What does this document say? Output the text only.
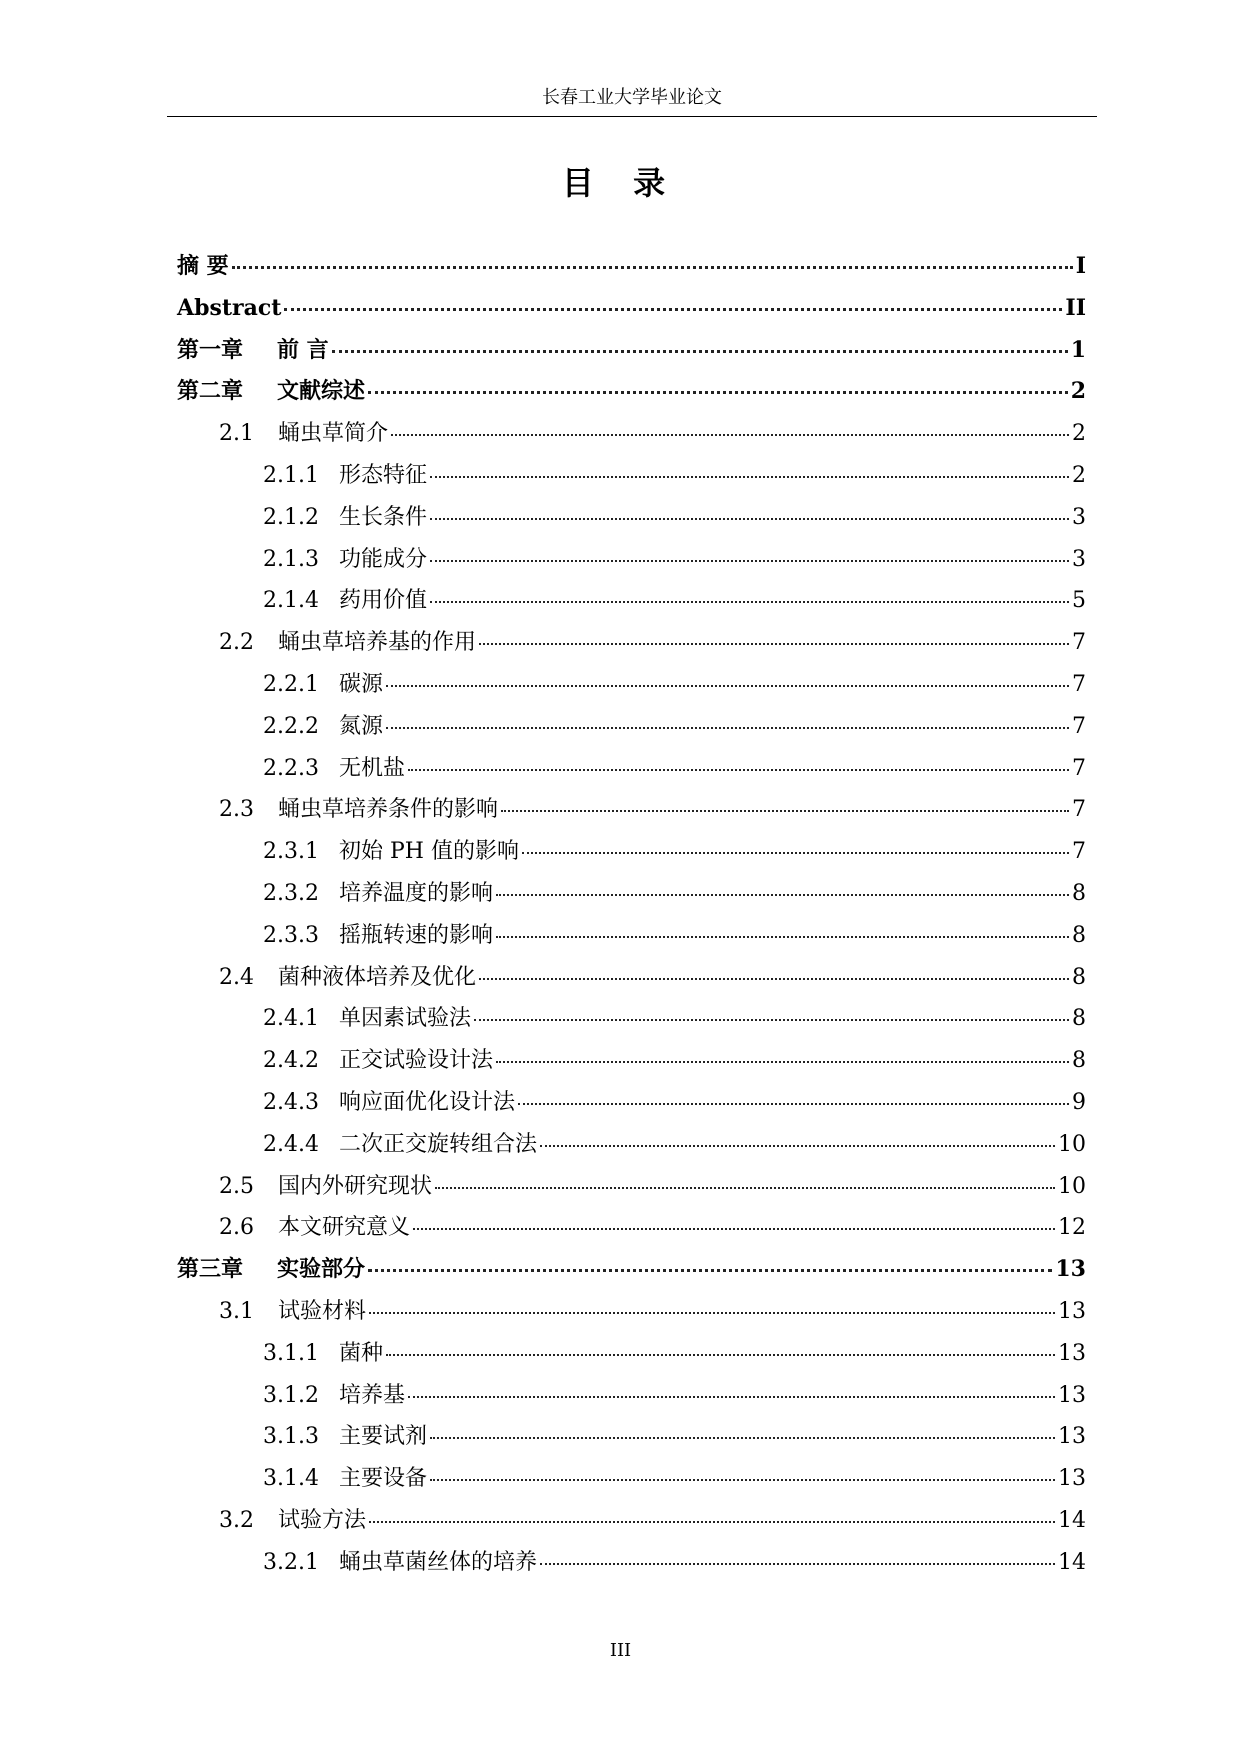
长春工业大学毕业论文
目 录
摘 要	I
Abstract	II
第一章	前 言	1
第二章	文献综述	2
2.1	蛹虫草简介	2
2.1.1 形态特征	2
2.1.2 生长条件	3
2.1.3 功能成分	3
2.1.4 药用价值	5
2.2	蛹虫草培养基的作用	7
2.2.1 碳源	7
2.2.2 氮源	7
2.2.3 无机盐	7
2.3	蛹虫草培养条件的影响	7
2.3.1 初始 PH 值的影响	7
2.3.2 培养温度的影响	8
2.3.3 摇瓶转速的影响	8
2.4	菌种液体培养及优化	8
2.4.1 单因素试验法	8
2.4.2 正交试验设计法	8
2.4.3 响应面优化设计法	9
2.4.4 二次正交旋转组合法	10
2.5	国内外研究现状	10
2.6	本文研究意义	12
第三章	实验部分	13
3.1	试验材料	13
3.1.1 菌种	13
3.1.2 培养基	13
3.1.3 主要试剂	13
3.1.4 主要设备	13
3.2	试验方法	14
3.2.1 蛹虫草菌丝体的培养	14
III
